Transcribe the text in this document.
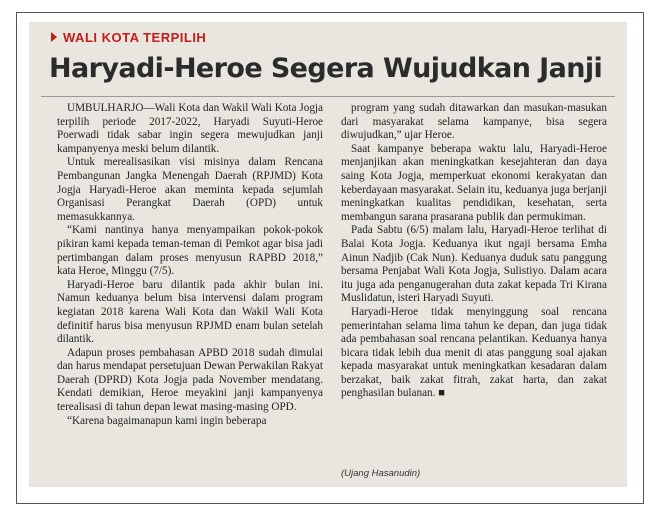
WALI KOTA TERPILIH
Haryadi-Heroe Segera Wujudkan Janji

UMBULHARJO—Wali Kota dan Wakil Wali Kota Jogja terpilih periode 2017-2022, Haryadi Suyuti-Heroe Poerwadi tidak sabar ingin segera mewujudkan janji kampanyenya meski belum dilantik.

Untuk merealisasikan visi misinya dalam Rencana Pembangunan Jangka Menengah Daerah (RPJMD) Kota Jogja Haryadi-Heroe akan meminta kepada sejumlah Organisasi Perangkat Daerah (OPD) untuk memasukkannya.

“Kami nantinya hanya menyampaikan pokok-pokok pikiran kami kepada teman-teman di Pemkot agar bisa jadi pertimbangan dalam proses menyusun RAPBD 2018,” kata Heroe, Minggu (7/5).

Haryadi-Heroe baru dilantik pada akhir bulan ini. Namun keduanya belum bisa intervensi dalam program kegiatan 2018 karena Wali Kota dan Wakil Wali Kota definitif harus bisa menyusun RPJMD enam bulan setelah dilantik.

Adapun proses pembahasan APBD 2018 sudah dimulai dan harus mendapat persetujuan Dewan Perwakilan Rakyat Daerah (DPRD) Kota Jogja pada November mendatang. Kendati demikian, Heroe meyakini janji kampanyenya terealisasi di tahun depan lewat masing-masing OPD.

“Karena bagaimanapun kami ingin beberapa

program yang sudah ditawarkan dan masukan-masukan dari masyarakat selama kampanye, bisa segera diwujudkan,” ujar Heroe.

Saat kampanye beberapa waktu lalu, Haryadi-Heroe menjanjikan akan meningkatkan kesejahteran dan daya saing Kota Jogja, memperkuat ekonomi kerakyatan dan keberdayaan masyarakat. Selain itu, keduanya juga berjanji meningkatkan kualitas pendidikan, kesehatan, serta membangun sarana prasarana publik dan permukiman.

Pada Sabtu (6/5) malam lalu, Haryadi-Heroe terlihat di Balai Kota Jogja. Keduanya ikut ngaji bersama Emha Ainun Nadjib (Cak Nun). Keduanya duduk satu panggung bersama Penjabat Wali Kota Jogja, Sulistiyo. Dalam acara itu juga ada penganugerahan duta zakat kepada Tri Kirana Muslidatun, isteri Haryadi Suyuti.

Haryadi-Heroe tidak menyinggung soal rencana pemerintahan selama lima tahun ke depan, dan juga tidak ada pembahasan soal rencana pelantikan. Keduanya hanya bicara tidak lebih dua menit di atas panggung soal ajakan kepada masyarakat untuk meningkatkan kesadaran dalam berzakat, baik zakat fitrah, zakat harta, dan zakat penghasilan bulanan. ■

(Ujang Hasanudin)
